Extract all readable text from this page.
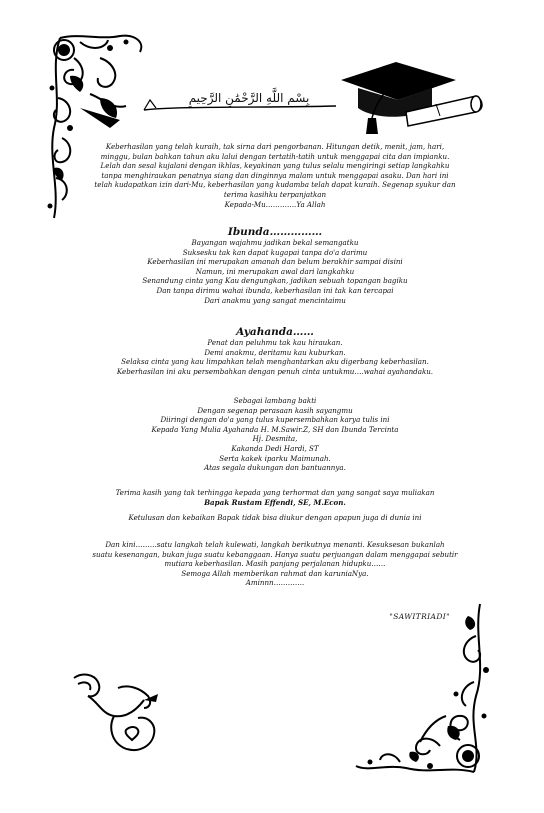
بِسْمِ اللَّهِ الرَّحْمَٰنِ الرَّحِيمِ
Keberhasilan yang telah kuraih, tak sirna dari pengorbanan. Hitungan detik, menit, jam, hari,
minggu, bulan bahkan tahun aku lalui dengan tertatih-tatih untuk menggapai cita dan impianku.
Lelah dan sesal kujalani dengan ikhlas, keyakinan yang tulus selalu mengiringi setiap langkahku
tanpa menghiraukan penatnya siang dan dinginnya malam untuk menggapai asaku. Dan hari ini
telah kudapatkan izin dari-Mu, keberhasilan yang kudamba telah dapat kuraih. Segenap syukur dan
terima kasihku terpanjatkan
Kepada-Mu………….Ya Allah
Ibunda……………
Bayangan wajahmu jadikan bekal semangatku
Suksesku tak kan dapat kugapai tanpa do'a darimu
Keberhasilan ini merupakan amanah dan belum berakhir sampai disini
Namun, ini merupakan awal dari langkahku
Senandung cinta yang Kau dengungkan, jadikan sebuah topangan bagiku
Dan tanpa dirimu wahai ibunda, keberhasilan ini tak kan tercapai
Dari anakmu yang sangat mencintaimu
Ayahanda……
Penat dan peluhmu tak kau hiraukan.
Demi anakmu, deritamu kau kuburkan.
Selaksa cinta yang kau limpahkan telah menghantarkan aku digerbang keberhasilan.
Keberhasilan ini aku persembahkan dengan penuh cinta untukmu….wahai ayahandaku.
Sebagai lambang bakti
Dengan segenap perasaan kasih sayangmu
Diiringi dengan do'a yang tulus kupersembahkan karya tulis ini
Kepada Yang Mulia Ayahanda H. M.Sawir.Z, SH dan Ibunda Tercinta
Hj. Desmita,
Kakanda Dedi Hardi, ST
Serta kakek iparku Maimunah.
Atas segala dukungan dan bantuannya.
Terima kasih yang tak terhingga kepada yang terhormat dan yang sangat saya muliakan
Bapak Rustam Effendi, SE, M.Econ.
Ketulusan dan kebaikan Bapak tidak bisa diukur dengan apapun juga di dunia ini
Dan kini………satu langkah telah kulewati, langkah berikutnya menanti. Kesuksesan bukanlah
suatu kesenangan, bukan juga suatu kebanggaan. Hanya suatu perjuangan dalam menggapai sebutir
mutiara keberhasilan. Masih panjang perjalanan hidupku……
Semoga Allah memberikan rahmat dan karuniaNya.
Aminnn………….
"SAWITRIADI"
